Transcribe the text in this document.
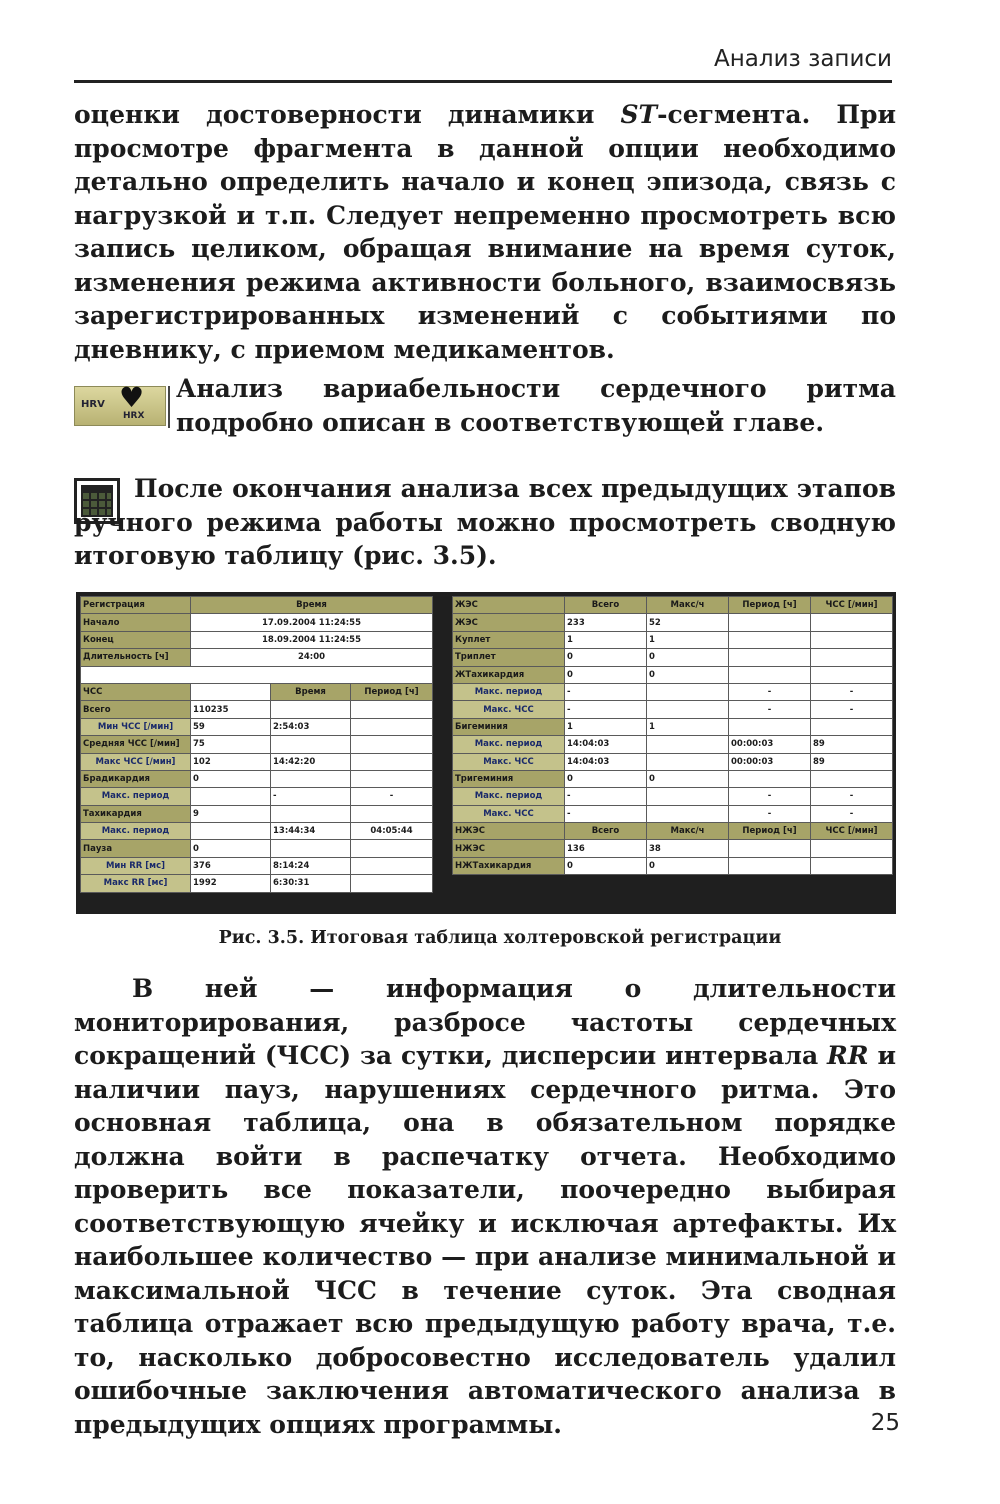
Анализ записи
оценки достоверности динамики ST-сегмента. При просмотре фрагмента в данной опции необходимо детально определить начало и конец эпизода, связь с нагрузкой и т.п. Следует непременно просмотреть всю запись целиком, обращая внимание на время суток, изменения режима активности больного, взаимосвязь зарегистрированных изменений с событиями по дневнику, с приемом медикаментов.
HRV ♥
HRX
Анализ вариабельности сердечного ритма подробно описан в соответствующей главе.
После окончания анализа всех предыдущих этапов ручного режима работы можно просмотреть сводную итоговую таблицу (рис. 3.5).
Регистрация	Время		
Начало	17.09.2004 11:24:55		
Конец	18.09.2004 11:24:55		
Длительность [ч]	24:00		

ЧСС		Время	Период [ч]
Всего	110235		
Мин ЧСС [/мин]	59	2:54:03	
Средняя ЧСС [/мин]	75		
Макс ЧСС [/мин]	102	14:42:20	
Брадикардия	0		
Макс. период		-	-
Тахикардия	9		
Макс. период		13:44:34	04:05:44
Пауза	0		
Мин RR [мс]	376	8:14:24	
Макс RR [мс]	1992	6:30:31	
ЖЭС	Всего	Макс/ч	Период [ч]	ЧСС [/мин]
ЖЭС	233	52		
Куплет	1	1		
Триплет	0	0		
ЖТахикардия	0	0		
Макс. период	-		-	-
Макс. ЧСС	-		-	-
Бигеминия	1	1		
Макс. период	14:04:03		00:00:03	89
Макс. ЧСС	14:04:03		00:00:03	89
Тригеминия	0	0		
Макс. период	-		-	-
Макс. ЧСС	-		-	-
НЖЭС	Всего	Макс/ч	Период [ч]	ЧСС [/мин]
НЖЭС	136	38		
НЖТахикардия	0	0		
Рис. 3.5. Итоговая таблица холтеровской регистрации
В ней — информация о длительности мониторирования, разбросе частоты сердечных сокращений (ЧСС) за сутки, дисперсии интервала RR и наличии пауз, нарушениях сердечного ритма. Это основная таблица, она в обязательном порядке должна войти в распечатку отчета. Необходимо проверить все показатели, поочередно выбирая соответствующую ячейку и исключая артефакты. Их наибольшее количество — при анализе минимальной и максимальной ЧСС в течение суток. Эта сводная таблица отражает всю предыдущую работу врача, т.е. то, насколько добросовестно исследователь удалил ошибочные заключения автоматического анализа в предыдущих опциях программы.	25
